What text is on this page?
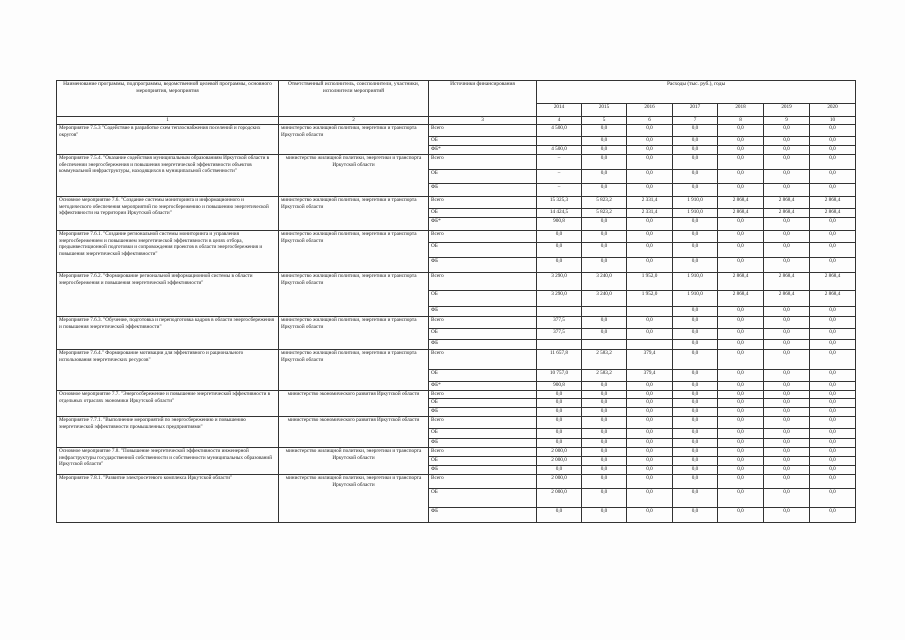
Наименование программы, подпрограммы, ведомственной целевой программы, основного мероприятия, мероприятия	Ответственный исполнитель, соисполнители, участники, исполнители мероприятий	Источники финансирования	Расходы (тыс. руб.), годы						
			2014	2015	2016	2017	2018	2019	2020
1	2	3	4	5	6	7	8	9	10
Мероприятие 7.5.3 "Содействие в разработке схем теплоснабжения поселений и городских округов"	министерство жилищной политики, энергетики и транспорта Иркутской области	Всего	4 500,0	0,0	0,0	0,0	0,0	0,0	0,0
		ОБ		0,0	0,0	0,0	0,0	0,0	0,0
		ФБ*	4 500,0	0,0	0,0	0,0	0,0	0,0	0,0
Мероприятие 7.5.4. "Оказание содействия муниципальным образованиям Иркутской области в обеспечении энергосбережения и повышения энергетической эффективности объектов коммунальной инфраструктуры, находящихся в муниципальной собственности"	министерство жилищной политики, энергетики и транспорта Иркутской области	Всего	–	0,0	0,0	0,0	0,0	0,0	0,0
		ОБ	–	0,0	0,0	0,0	0,0	0,0	0,0
		ФБ	–	0,0	0,0	0,0	0,0	0,0	0,0
Основное мероприятие 7.6. "Создание системы мониторинга и информационного и методического обеспечения мероприятий по энергосбережению и повышению энергетической эффективности на территории Иркутской области"	министерство жилищной политики, энергетики и транспорта Иркутской области	Всего	15 325,3	5 823,2	2 331,4	1 910,0	2 868,4	2 868,4	2 868,4
		ОБ	14 424,5	5 823,2	2 331,4	1 910,0	2 868,4	2 868,4	2 868,4
		ФБ*	900,8	0,0	0,0	0,0	0,0	0,0	0,0
Мероприятие 7.6.1. "Создание региональной системы мониторинга и управления энергосбережением и повышением энергетической эффективности в целях отбора, предынвестиционной подготовки и сопровождения проектов в области энергосбережения и повышения энергетической эффективности"	министерство жилищной политики, энергетики и транспорта Иркутской области	Всего	0,0	0,0	0,0	0,0	0,0	0,0	0,0
		ОБ	0,0	0,0	0,0	0,0	0,0	0,0	0,0
		ФБ	0,0	0,0	0,0	0,0	0,0	0,0	0,0
Мероприятие 7.6.2. "Формирование региональной информационной системы в области энергосбережения и повышения энергетической эффективности"	министерство жилищной политики, энергетики и транспорта Иркутской области	Всего	3 290,0	3 240,0	1 952,0	1 910,0	2 868,4	2 868,4	2 868,4
		ОБ	3 290,0	3 240,0	1 952,0	1 910,0	2 868,4	2 868,4	2 868,4
		ФБ				0,0	0,0	0,0	0,0
Мероприятие 7.6.3. "Обучение, подготовка и переподготовка кадров в области энергосбережения и повышения энергетической эффективности"	министерство жилищной политики, энергетики и транспорта Иркутской области	Всего	377,5	0,0	0,0	0,0	0,0	0,0	0,0
		ОБ	377,5	0,0	0,0	0,0	0,0	0,0	0,0
		ФБ				0,0	0,0	0,0	0,0
Мероприятие 7.6.4." Формирование мотивации для эффективного и рационального использования энергетических ресурсов"	министерство жилищной политики, энергетики и транспорта Иркутской области	Всего	11 657,8	2 583,2	379,4	0,0	0,0	0,0	0,0
		ОБ	10 757,0	2 583,2	379,4	0,0	0,0	0,0	0,0
		ФБ*	900,8	0,0	0,0	0,0	0,0	0,0	0,0
Основное мероприятие 7.7. "Энергосбережение и повышение энергетической эффективности в отдельных отраслях экономики Иркутской области"	министерство экономического развития Иркутской области	Всего	0,0	0,0	0,0	0,0	0,0	0,0	0,0
		ОБ	0,0	0,0	0,0	0,0	0,0	0,0	0,0
		ФБ	0,0	0,0	0,0	0,0	0,0	0,0	0,0
Мероприятие 7.7.1. "Выполнение мероприятий по энергосбережению и повышению энергетической эффективности промышленных предприятиями"	министерство экономического развития Иркутской области	Всего	0,0	0,0	0,0	0,0	0,0	0,0	0,0
		ОБ	0,0	0,0	0,0	0,0	0,0	0,0	0,0
		ФБ	0,0	0,0	0,0	0,0	0,0	0,0	0,0
Основное мероприятие 7.8. "Повышение энергетической эффективности инженерной инфраструктуры государственной собственности и собственности муниципальных образований Иркутской области"	министерство жилищной политики, энергетики и транспорта Иркутской области	Всего	2 000,0	0,0	0,0	0,0	0,0	0,0	0,0
		ОБ	2 000,0	0,0	0,0	0,0	0,0	0,0	0,0
		ФБ	0,0	0,0	0,0	0,0	0,0	0,0	0,0
Мероприятие 7.8.1. "Развитие электросетевого комплекса Иркутской области"	министерство жилищной политики, энергетики и транспорта Иркутской области	Всего	2 000,0	0,0	0,0	0,0	0,0	0,0	0,0
		ОБ	2 000,0	0,0	0,0	0,0	0,0	0,0	0,0
		ФБ	0,0	0,0	0,0	0,0	0,0	0,0	0,0
